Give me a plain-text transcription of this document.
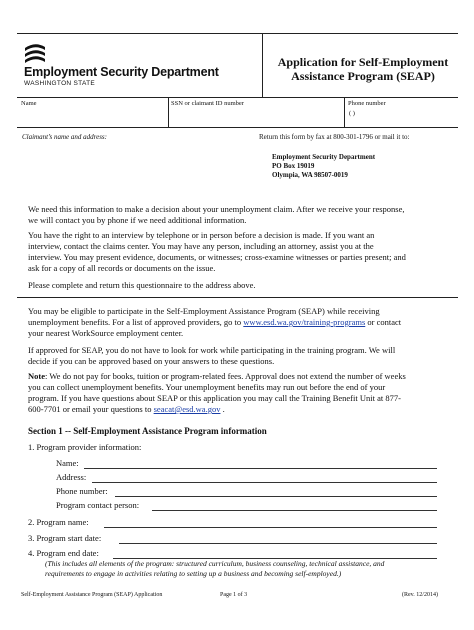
Employment Security Department
WASHINGTON STATE
Application for Self-Employment
Assistance Program (SEAP)
Name	SSN or claimant ID number	Phone number
( )
Claimant’s name and address:	Return this form by fax at 800-301-1796 or mail it to:
Employment Security Department
PO Box 19019
Olympia, WA 98507-0019
We need this information to make a decision about your unemployment claim. After we receive your response,
we will contact you by phone if we need additional information.
You have the right to an interview by telephone or in person before a decision is made. If you want an
interview, contact the claims center. You may have any person, including an attorney, assist you at the
interview. You may present evidence, documents, or witnesses; cross-examine witnesses or parties present; and
ask for a copy of all records or documents on the issue.
Please complete and return this questionnaire to the address above.
You may be eligible to participate in the Self-Employment Assistance Program (SEAP) while receiving
unemployment benefits. For a list of approved providers, go to www.esd.wa.gov/training-programs or contact
your nearest WorkSource employment center.
If approved for SEAP, you do not have to look for work while participating in the training program. We will
decide if you can be approved based on your answers to these questions.
Note: We do not pay for books, tuition or program-related fees. Approval does not extend the number of weeks
you can collect unemployment benefits. Your unemployment benefits may run out before the end of your
program. If you have questions about SEAP or this application you may call the Training Benefit Unit at 877-
600-7701 or email your questions to seacat@esd.wa.gov .
Section 1 -- Self-Employment Assistance Program information
1. Program provider information:
Name:
Address:
Phone number:
Program contact person:
2. Program name:
3. Program start date:
4. Program end date:
(This includes all elements of the program: structured curriculum, business counseling, technical assistance, and
requirements to engage in activities relating to setting up a business and becoming self-employed.)
Self-Employment Assistance Program (SEAP) Application	Page 1 of 3	(Rev. 12/2014)
